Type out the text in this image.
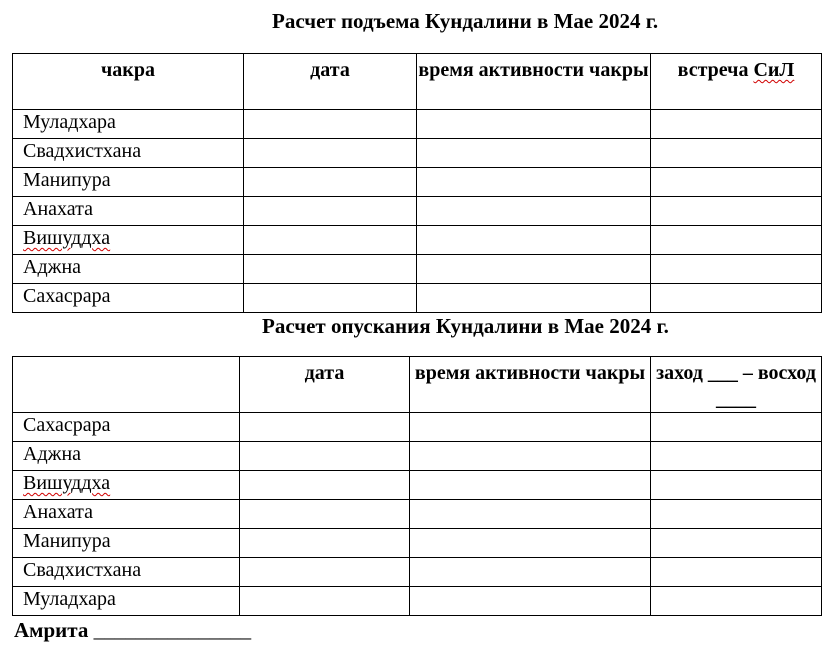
Расчет подъема Кундалини в Мае 2024 г.
чакра	дата	время активности чакры	встреча СиЛ
Муладхара			
Свадхистхана			
Манипура			
Анахата			
Вишуддха			
Аджна			
Сахасрара			
Расчет опускания Кундалини в Мае 2024 г.
	дата	время активности чакры	заход ___ – восход ____
Сахасрара			
Аджна			
Вишуддха			
Анахата			
Манипура			
Свадхистхана			
Муладхара			
Амрита _______________
